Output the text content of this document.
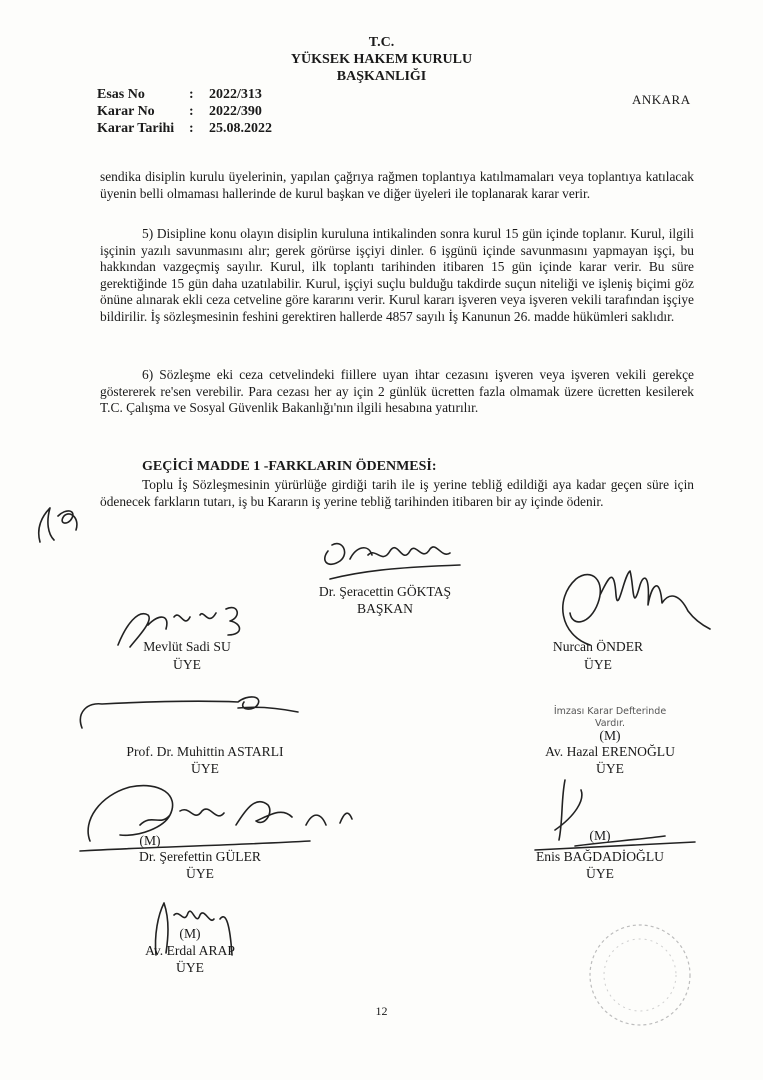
T.C.
YÜKSEK HAKEM KURULU
BAŞKANLIĞI
Esas No	: 2022/313
Karar No : 2022/390
Karar Tarihi : 25.08.2022
ANKARA

sendika disiplin kurulu üyelerinin, yapılan çağrıya rağmen toplantıya katılmamaları veya toplantıya katılacak üyenin belli olmaması hallerinde de kurul başkan ve diğer üyeleri ile toplanarak karar verir.

5) Disipline konu olayın disiplin kuruluna intikalinden sonra kurul 15 gün içinde toplanır. Kurul, ilgili işçinin yazılı savunmasını alır; gerek görürse işçiyi dinler. 6 işgünü içinde savunmasını yapmayan işçi, bu hakkından vazgeçmiş sayılır. Kurul, ilk toplantı tarihinden itibaren 15 gün içinde karar verir. Bu süre gerektiğinde 15 gün daha uzatılabilir. Kurul, işçiyi suçlu bulduğu takdirde suçun niteliği ve işleniş biçimi göz önüne alınarak ekli ceza cetveline göre kararını verir. Kurul kararı işveren veya işveren vekili tarafından işçiye bildirilir. İş sözleşmesinin feshini gerektiren hallerde 4857 sayılı İş Kanunun 26. madde hükümleri saklıdır.

6) Sözleşme eki ceza cetvelindeki fiillere uyan ihtar cezasını işveren veya işveren vekili gerekçe göstererek re'sen verebilir. Para cezası her ay için 2 günlük ücretten fazla olmamak üzere ücretten kesilerek T.C. Çalışma ve Sosyal Güvenlik Bakanlığı'nın ilgili hesabına yatırılır.

GEÇİCİ MADDE 1 -FARKLARIN ÖDENMESİ:

Toplu İş Sözleşmesinin yürürlüğe girdiği tarih ile iş yerine tebliğ edildiği aya kadar geçen süre için ödenecek farkların tutarı, iş bu Kararın iş yerine tebliğ tarihinden itibaren bir ay içinde ödenir.

Dr. Şeracettin GÖKTAŞ
BAŞKAN
Mevlüt Sadi SU
ÜYE
Nurcan ÖNDER
ÜYE
Prof. Dr. Muhittin ASTARLI
ÜYE
İmzası Karar Defterinde
Vardır.
(M)
Av. Hazal ERENOĞLU
ÜYE
(M)
Dr. Şerefettin GÜLER
ÜYE
(M)
Enis BAĞDADİOĞLU
ÜYE
(M)
Av. Erdal ARAP
ÜYE
12
